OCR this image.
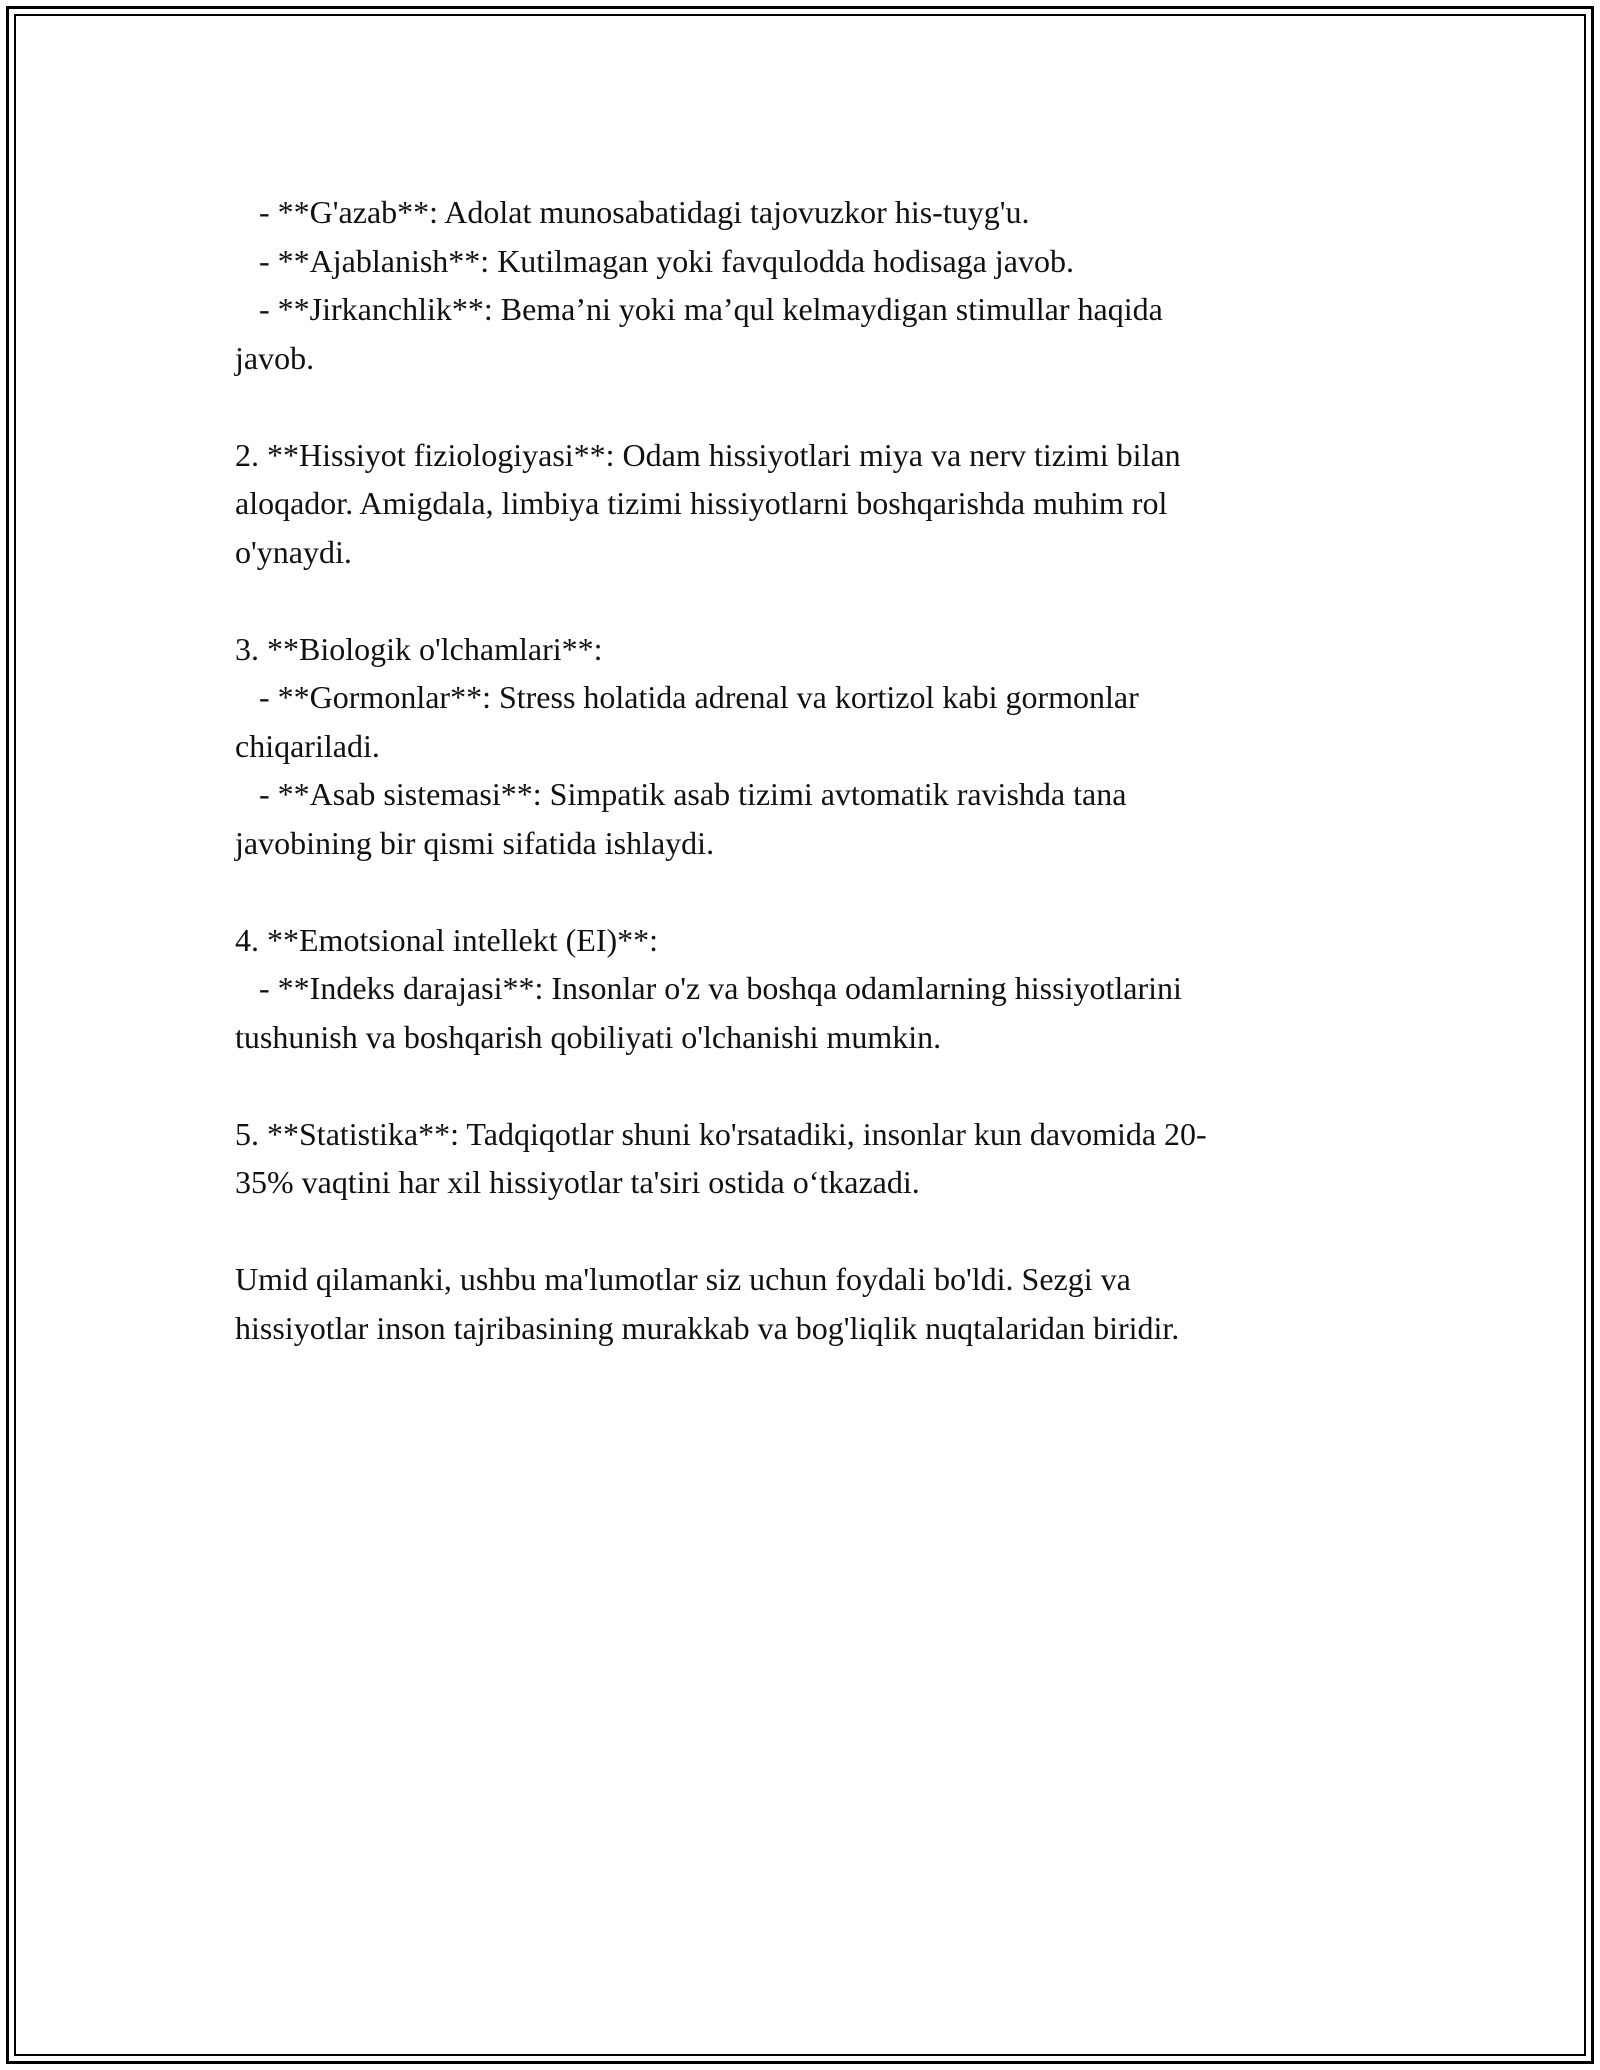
- **G'azab**: Adolat munosabatidagi tajovuzkor his-tuyg'u.
- **Ajablanish**: Kutilmagan yoki favqulodda hodisaga javob.
- **Jirkanchlik**: Bema’ni yoki ma’qul kelmaydigan stimullar haqida
javob.
2. **Hissiyot fiziologiyasi**: Odam hissiyotlari miya va nerv tizimi bilan
aloqador. Amigdala, limbiya tizimi hissiyotlarni boshqarishda muhim rol
o'ynaydi.
3. **Biologik o'lchamlari**:
- **Gormonlar**: Stress holatida adrenal va kortizol kabi gormonlar
chiqariladi.
- **Asab sistemasi**: Simpatik asab tizimi avtomatik ravishda tana
javobining bir qismi sifatida ishlaydi.
4. **Emotsional intellekt (EI)**:
- **Indeks darajasi**: Insonlar o'z va boshqa odamlarning hissiyotlarini
tushunish va boshqarish qobiliyati o'lchanishi mumkin.
5. **Statistika**: Tadqiqotlar shuni ko'rsatadiki, insonlar kun davomida 20-
35% vaqtini har xil hissiyotlar ta'siri ostida o‘tkazadi.
Umid qilamanki, ushbu ma'lumotlar siz uchun foydali bo'ldi. Sezgi va
hissiyotlar inson tajribasining murakkab va bog'liqlik nuqtalaridan biridir.
